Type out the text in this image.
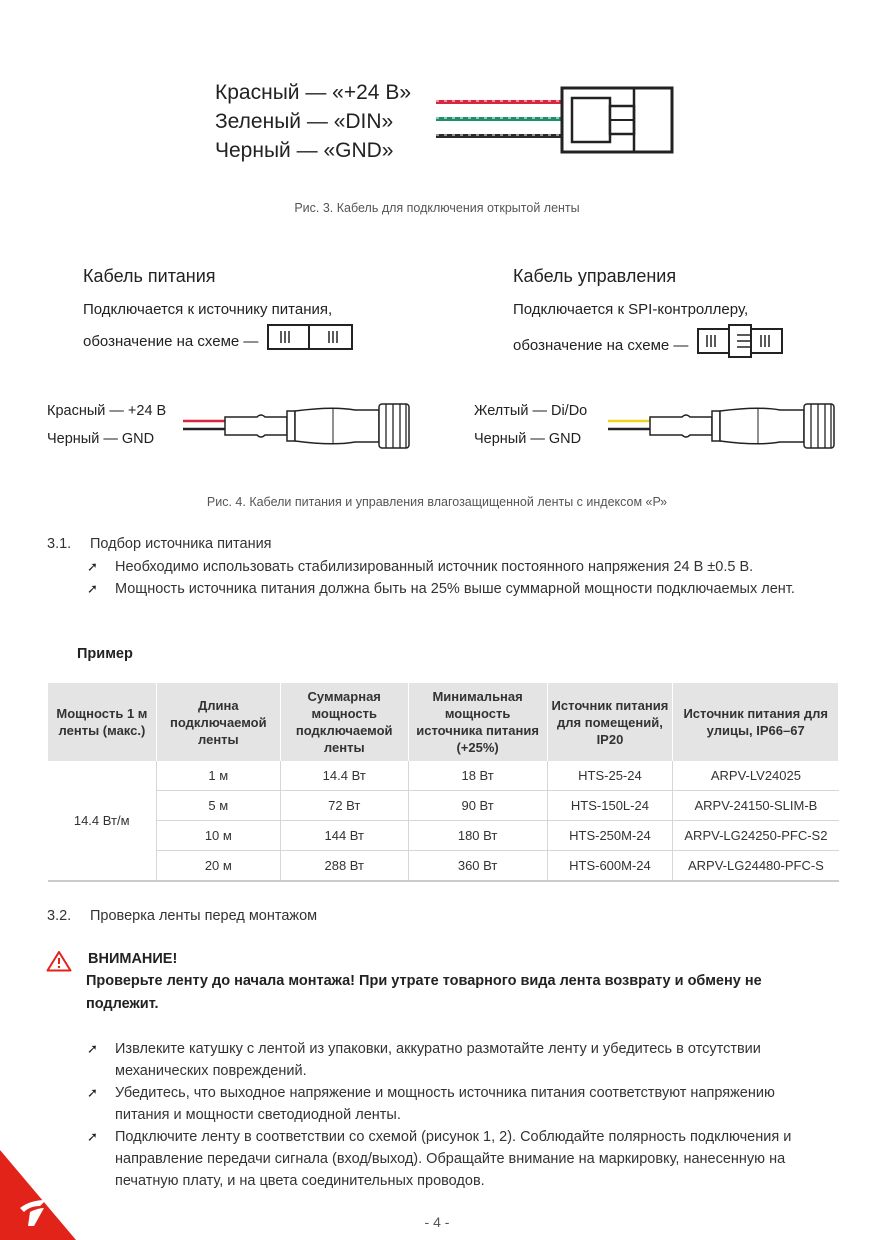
Красный — «+24 В»
Зеленый — «DIN»
Черный — «GND»
Рис. 3. Кабель для подключения открытой ленты
Кабель питания
Подключается к источнику питания,
обозначение на схеме —
Кабель управления
Подключается к SPI-контроллеру,
обозначение на схеме —
Красный — +24 В
Черный — GND
Желтый — Di/Do
Черный — GND
Рис. 4. Кабели питания и управления влагозащищенной ленты с индексом «Р»
3.1. Подбор источника питания
➚ Необходимо использовать стабилизированный источник постоянного напряжения 24 В ±0.5 В.
➚ Мощность источника питания должна быть на 25% выше суммарной мощности подключаемых лент.
Пример
Мощность 1 м ленты (макс.)	Длина подключаемой ленты	Суммарная мощность подключаемой ленты	Минимальная мощность источника питания (+25%)	Источник питания для помещений, IP20	Источник питания для улицы, IP66–67
14.4 Вт/м	1 м	14.4 Вт	18 Вт	HTS-25-24	ARPV-LV24025
	5 м	72 Вт	90 Вт	HTS-150L-24	ARPV-24150-SLIM-B
	10 м	144 Вт	180 Вт	HTS-250M-24	ARPV-LG24250-PFC-S2
	20 м	288 Вт	360 Вт	HTS-600M-24	ARPV-LG24480-PFC-S
3.2. Проверка ленты перед монтажом
ВНИМАНИЕ!
Проверьте ленту до начала монтажа! При утрате товарного вида лента возврату и обмену не подлежит.
➚ Извлеките катушку с лентой из упаковки, аккуратно размотайте ленту и убедитесь в отсутствии механических повреждений.
➚ Убедитесь, что выходное напряжение и мощность источника питания соответствуют напряжению питания и мощности светодиодной ленты.
➚ Подключите ленту в соответствии со схемой (рисунок 1, 2). Соблюдайте полярность подключения и направление передачи сигнала (вход/выход). Обращайте внимание на маркировку, нанесенную на печатную плату, и на цвета соединительных проводов.
- 4 -
